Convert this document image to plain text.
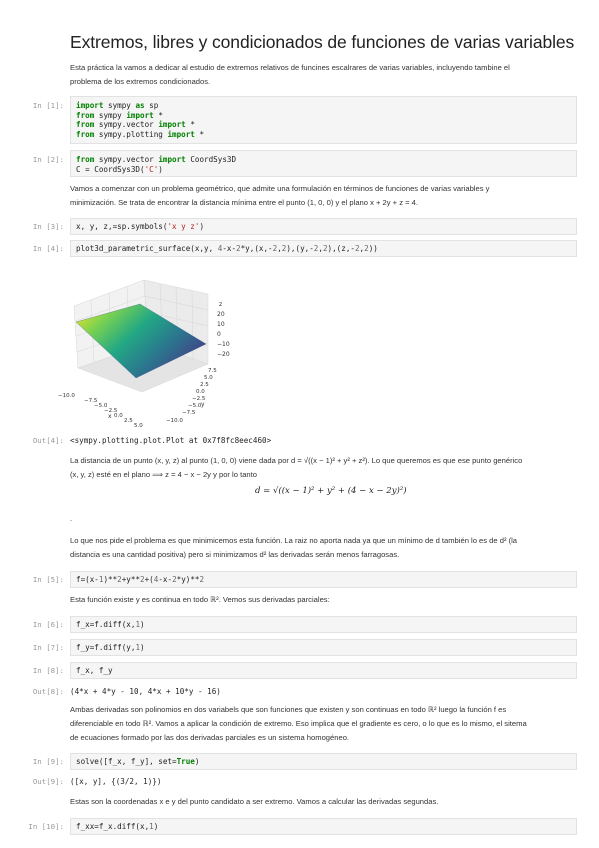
Extremos, libres y condicionados de funciones de varias variables
Esta práctica la vamos a dedicar al estudio de extremos relativos de funcines escalrares de varias variables, incluyendo tambine el
problema de los extremos condicionados.
In [1]:	import sympy as sp
from sympy import *
from sympy.vector import *
from sympy.plotting import *
In [2]:	from sympy.vector import CoordSys3D
C = CoordSys3D('C')
Vamos a comenzar con un problema geométrico, que admite una formulación en términos de funciones de varias variables y
minimización. Se trata de encontrar la distancia mínima entre el punto (1, 0, 0) y el plano x + 2y + z = 4.
In [3]:	x, y, z,=sp.symbols('x y z')
In [4]:	plot3d_parametric_surface(x,y, 4-x-2*y,(x,-2,2),(y,-2,2),(z,-2,2))
z
20
10
0
−10
−20
7.5
5.0
2.5
0.0
−2.5
−5.0
−7.5
−10.0
y
−10.0
−7.5
−5.0
−2.5
0.0
2.5
5.0
x
Out[4]: <sympy.plotting.plot.Plot at 0x7f8fc8eec460>
La distancia de un punto (x, y, z) al punto (1, 0, 0) viene dada por d = √((x − 1)² + y² + z²). Lo que queremos es que ese punto genérico
(x, y, z) esté en el plano ⟹ z = 4 − x − 2y y por lo tanto
d = √((x − 1)² + y² + (4 − x − 2y)²)
.
Lo que nos pide el problema es que minimicemos esta función. La raiz no aporta nada ya que un mínimo de d también lo es de d² (la
distancia es una cantidad positiva) pero si minimizamos d² las derivadas serán menos farragosas.
In [5]:	f=(x-1)**2+y**2+(4-x-2*y)**2
Esta función existe y es continua en todo ℝ². Vemos sus derivadas parciales:
In [6]:	f_x=f.diff(x,1)
In [7]:	f_y=f.diff(y,1)
In [8]:	f_x, f_y
Out[8]: (4*x + 4*y - 10, 4*x + 10*y - 16)
Ambas derivadas son polinomios en dos variabels que son funciones que existen y son continuas en todo ℝ² luego la función f es
diferenciable en todo ℝ². Vamos a aplicar la condición de extremo. Eso implica que el gradiente es cero, o lo que es lo mismo, el sitema
de ecuaciones formado por las dos derivadas parciales es un sistema homogéneo.
In [9]:	solve([f_x, f_y], set=True)
Out[9]: ([x, y], {(3/2, 1)})
Estas son la coordenadas x e y del punto candidato a ser extremo. Vamos a calcular las derivadas segundas.
In [10]:	f_xx=f_x.diff(x,1)
